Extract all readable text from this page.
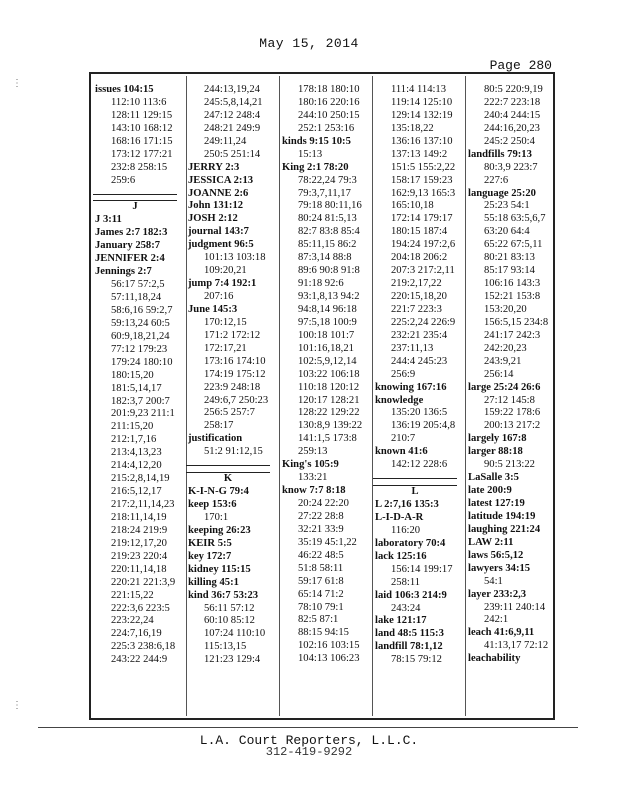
May 15, 2014
Page 280
issues 104:15
112:10 113:6
128:11 129:15
143:10 168:12
168:16 171:15
173:12 177:21
232:8 258:15
259:6
J
J 3:11
James 2:7 182:3
January 258:7
JENNIFER 2:4
Jennings 2:7
56:17 57:2,5
57:11,18,24
58:6,16 59:2,7
59:13,24 60:5
60:9,18,21,24
77:12 179:23
179:24 180:10
180:15,20
181:5,14,17
182:3,7 200:7
201:9,23 211:1
211:15,20
212:1,7,16
213:4,13,23
214:4,12,20
215:2,8,14,19
216:5,12,17
217:2,11,14,23
218:11,14,19
218:24 219:9
219:12,17,20
219:23 220:4
220:11,14,18
220:21 221:3,9
221:15,22
222:3,6 223:5
223:22,24
224:7,16,19
225:3 238:6,18
243:22 244:9
244:13,19,24
245:5,8,14,21
247:12 248:4
248:21 249:9
249:11,24
250:5 251:14
JERRY 2:3
JESSICA 2:13
JOANNE 2:6
John 131:12
JOSH 2:12
journal 143:7
judgment 96:5
101:13 103:18
109:20,21
jump 7:4 192:1
207:16
June 145:3
170:12,15
171:2 172:12
172:17,21
173:16 174:10
174:19 175:12
223:9 248:18
249:6,7 250:23
256:5 257:7
258:17
justification
51:2 91:12,15
K
K-I-N-G 79:4
keep 153:6
170:1
keeping 26:23
KEIR 5:5
key 172:7
kidney 115:15
killing 45:1
kind 36:7 53:23
56:11 57:12
60:10 85:12
107:24 110:10
115:13,15
121:23 129:4
178:18 180:10
180:16 220:16
244:10 250:15
252:1 253:16
kinds 9:15 10:5
15:13
King 2:1 78:20
78:22,24 79:3
79:3,7,11,17
79:18 80:11,16
80:24 81:5,13
82:7 83:8 85:4
85:11,15 86:2
87:3,14 88:8
89:6 90:8 91:8
91:18 92:6
93:1,8,13 94:2
94:8,14 96:18
97:5,18 100:9
100:18 101:7
101:16,18,21
102:5,9,12,14
103:22 106:18
110:18 120:12
120:17 128:21
128:22 129:22
130:8,9 139:22
141:1,5 173:8
259:13
King's 105:9
133:21
know 7:7 8:18
20:24 22:20
27:22 28:8
32:21 33:9
35:19 45:1,22
46:22 48:5
51:8 58:11
59:17 61:8
65:14 71:2
78:10 79:1
82:5 87:1
88:15 94:15
102:16 103:15
104:13 106:23
111:4 114:13
119:14 125:10
129:14 132:19
135:18,22
136:16 137:10
137:13 149:2
151:5 155:2,22
158:17 159:23
162:9,13 165:3
165:10,18
172:14 179:17
180:15 187:4
194:24 197:2,6
204:18 206:2
207:3 217:2,11
219:2,17,22
220:15,18,20
221:7 223:3
225:2,24 226:9
232:21 235:4
237:11,13
244:4 245:23
256:9
knowing 167:16
knowledge
135:20 136:5
136:19 205:4,8
210:7
known 41:6
142:12 228:6
L
L 2:7,16 135:3
L-I-D-A-R
116:20
laboratory 70:4
lack 125:16
156:14 199:17
258:11
laid 106:3 214:9
243:24
lake 121:17
land 48:5 115:3
landfill 78:1,12
78:15 79:12
80:5 220:9,19
222:7 223:18
240:4 244:15
244:16,20,23
245:2 250:4
landfills 79:13
80:3,9 223:7
227:6
language 25:20
25:23 54:1
55:18 63:5,6,7
63:20 64:4
65:22 67:5,11
80:21 83:13
85:17 93:14
106:16 143:3
152:21 153:8
153:20,20
156:5,15 234:8
241:17 242:3
242:20,23
243:9,21
256:14
large 25:24 26:6
27:12 145:8
159:22 178:6
200:13 217:2
largely 167:8
larger 88:18
90:5 213:22
LaSalle 3:5
late 200:9
latest 127:19
latitude 194:19
laughing 221:24
LAW 2:11
laws 56:5,12
lawyers 34:15
54:1
layer 233:2,3
239:11 240:14
242:1
leach 41:6,9,11
41:13,17 72:12
leachability
L.A. Court Reporters, L.L.C.
312-419-9292
⋮
⋮
